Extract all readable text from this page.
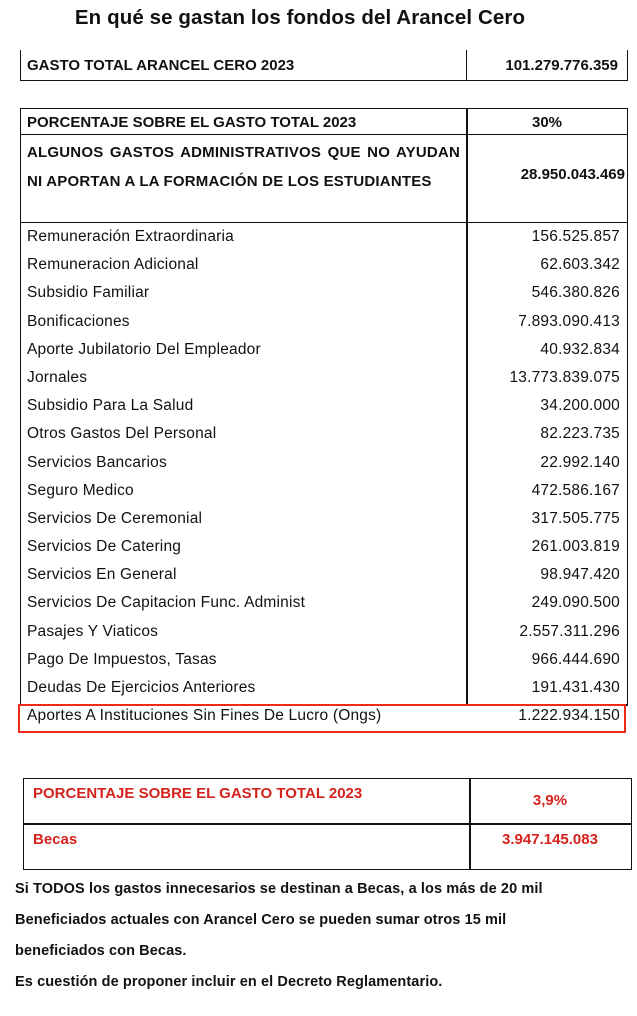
En qué se gastan los fondos del Arancel Cero
GASTO TOTAL ARANCEL CERO 2023	101.279.776.359
PORCENTAJE SOBRE EL GASTO TOTAL 2023	30%
ALGUNOS GASTOS ADMINISTRATIVOS QUE NO AYUDAN NI APORTAN A LA FORMACIÓN DE LOS ESTUDIANTES	28.950.043.469
Remuneración Extraordinaria	156.525.857
Remuneracion Adicional	62.603.342
Subsidio Familiar	546.380.826
Bonificaciones	7.893.090.413
Aporte Jubilatorio Del Empleador	40.932.834
Jornales	13.773.839.075
Subsidio Para La Salud	34.200.000
Otros Gastos Del Personal	82.223.735
Servicios Bancarios	22.992.140
Seguro Medico	472.586.167
Servicios De Ceremonial	317.505.775
Servicios De Catering	261.003.819
Servicios En General	98.947.420
Servicios De Capitacion Func. Administ	249.090.500
Pasajes Y Viaticos	2.557.311.296
Pago De Impuestos, Tasas	966.444.690
Deudas De Ejercicios Anteriores	191.431.430
Aportes A Instituciones Sin Fines De Lucro (Ongs)	1.222.934.150
PORCENTAJE SOBRE EL GASTO TOTAL 2023	3,9%
Becas	3.947.145.083

Si TODOS los gastos innecesarios se destinan a Becas, a los más de 20 mil

Beneficiados actuales con Arancel Cero se pueden sumar otros 15 mil

beneficiados con Becas.

Es cuestión de proponer incluir en el Decreto Reglamentario.
